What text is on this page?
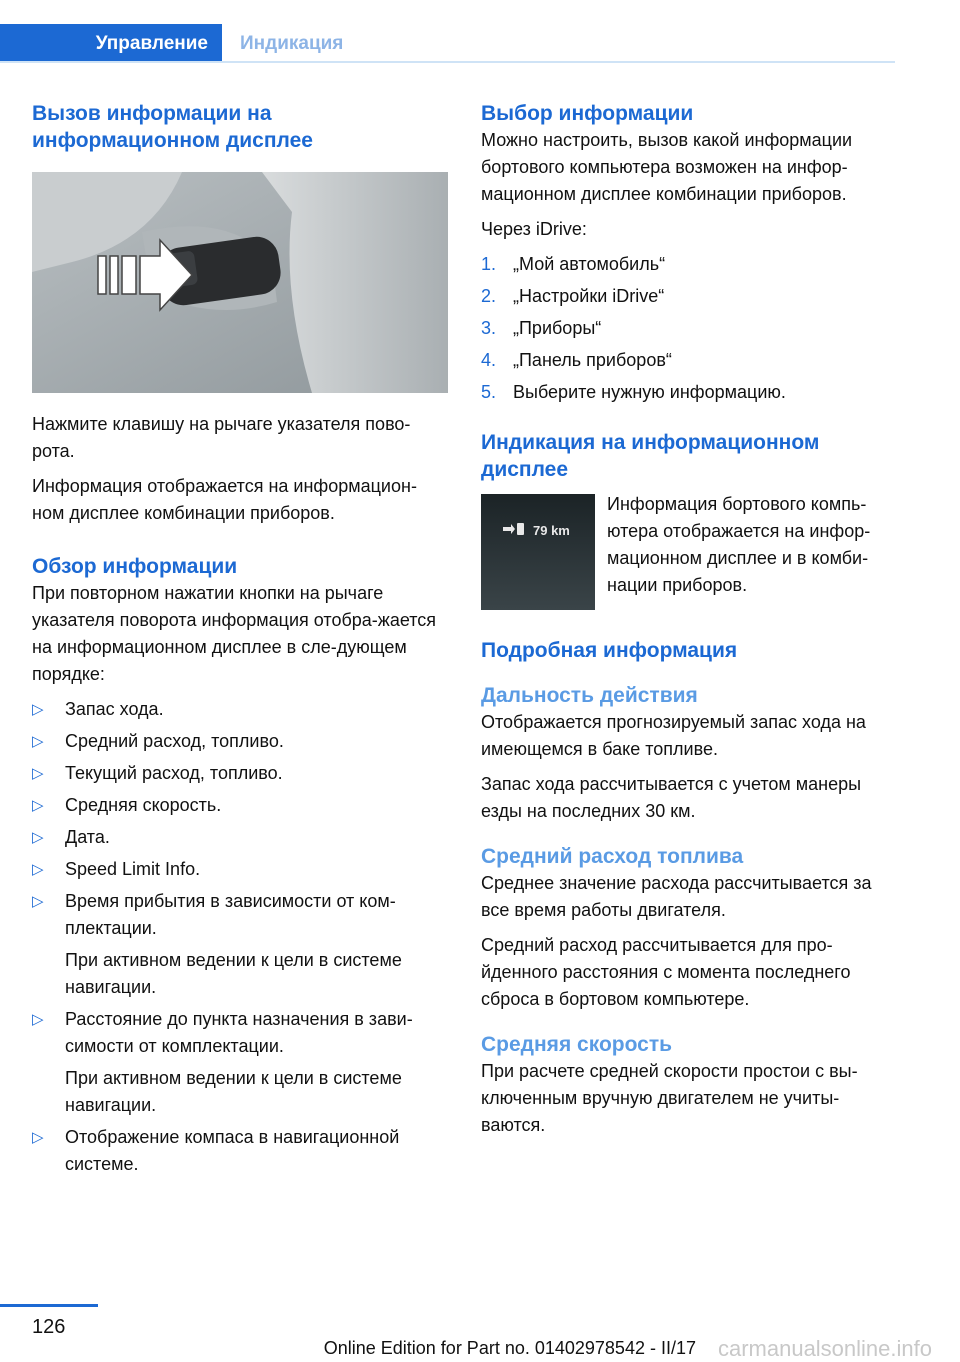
Управление	Индикация
Вызов информации на информационном дисплее

Нажмите клавишу на рычаге указателя пово-рота.

Информация отображается на информацион-ном дисплее комбинации приборов.

Обзор информации

При повторном нажатии кнопки на рычаге указателя поворота информация отобра-жается на информационном дисплее в сле-дующем порядке:

▷ Запас хода.
▷ Средний расход, топливо.
▷ Текущий расход, топливо.
▷ Средняя скорость.
▷ Дата.
▷ Speed Limit Info.
▷ Время прибытия в зависимости от ком-плектации.
При активном ведении к цели в системе навигации.
▷ Расстояние до пункта назначения в зави-симости от комплектации.
При активном ведении к цели в системе навигации.
▷ Отображение компаса в навигационной системе.
Выбор информации

Можно настроить, вызов какой информации бортового компьютера возможен на инфор-мационном дисплее комбинации приборов.

Через iDrive:

1. „Мой автомобиль“
2. „Настройки iDrive“
3. „Приборы“
4. „Панель приборов“
5. Выберите нужную информацию.
Индикация на информационном дисплее
79 km

Информация бортового компь-ютера отображается на инфор-мационном дисплее и в комби-нации приборов.

Подробная информация
Дальность действия

Отображается прогнозируемый запас хода на имеющемся в баке топливе.

Запас хода рассчитывается с учетом манеры езды на последних 30 км.

Средний расход топлива

Среднее значение расхода рассчитывается за все время работы двигателя.

Средний расход рассчитывается для про-йденного расстояния с момента последнего сброса в бортовом компьютере.

Средняя скорость

При расчете средней скорости простои с вы-ключенным вручную двигателем не учиты-ваются.

126
Online Edition for Part no. 01402978542 - II/17 carmanualsonline.info
